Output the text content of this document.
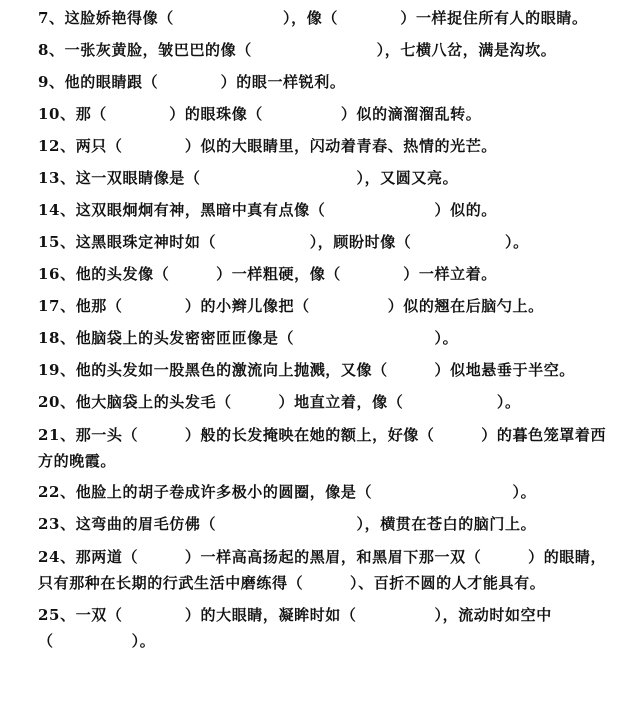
7、这脸娇艳得像（　　　　　　　），像（　　　　）一样捉住所有人的眼睛。
8、一张灰黄脸，皱巴巴的像（　　　　　　　　），七横八岔，满是沟坎。
9、他的眼睛跟（　　　　）的眼一样锐利。
10、那（　　　　）的眼珠像（　　　　　）似的滴溜溜乱转。
12、两只（　　　　）似的大眼睛里，闪动着青春、热情的光芒。
13、这一双眼睛像是（　　　　　　　　　　），又圆又亮。
14、这双眼炯炯有神，黑暗中真有点像（　　　　　　　）似的。
15、这黑眼珠定神时如（　　　　　　），顾盼时像（　　　　　　）。
16、他的头发像（　　　）一样粗硬，像（　　　　）一样立着。
17、他那（　　　　）的小辫儿像把（　　　　　）似的翘在后脑勺上。
18、他脑袋上的头发密密匝匝像是（　　　　　　　　　）。
19、他的头发如一股黑色的激流向上抛溅，又像（　　　）似地悬垂于半空。
20、他大脑袋上的头发毛（　　　）地直立着，像（　　　　　　）。
21、那一头（　　　）般的长发掩映在她的额上，好像（　　　）的暮色笼罩着西方的晚霞。
22、他脸上的胡子卷成许多极小的圆圈，像是（　　　　　　　　　）。
23、这弯曲的眉毛仿佛（　　　　　　　　　），横贯在苍白的脑门上。
24、那两道（　　　）一样高高扬起的黑眉，和黑眉下那一双（　　　）的眼睛，只有那种在长期的行武生活中磨练得（　　　）、百折不圆的人才能具有。
25、一双（　　　　）的大眼睛，凝眸时如（　　　　　），流动时如空中（　　　　　）。
